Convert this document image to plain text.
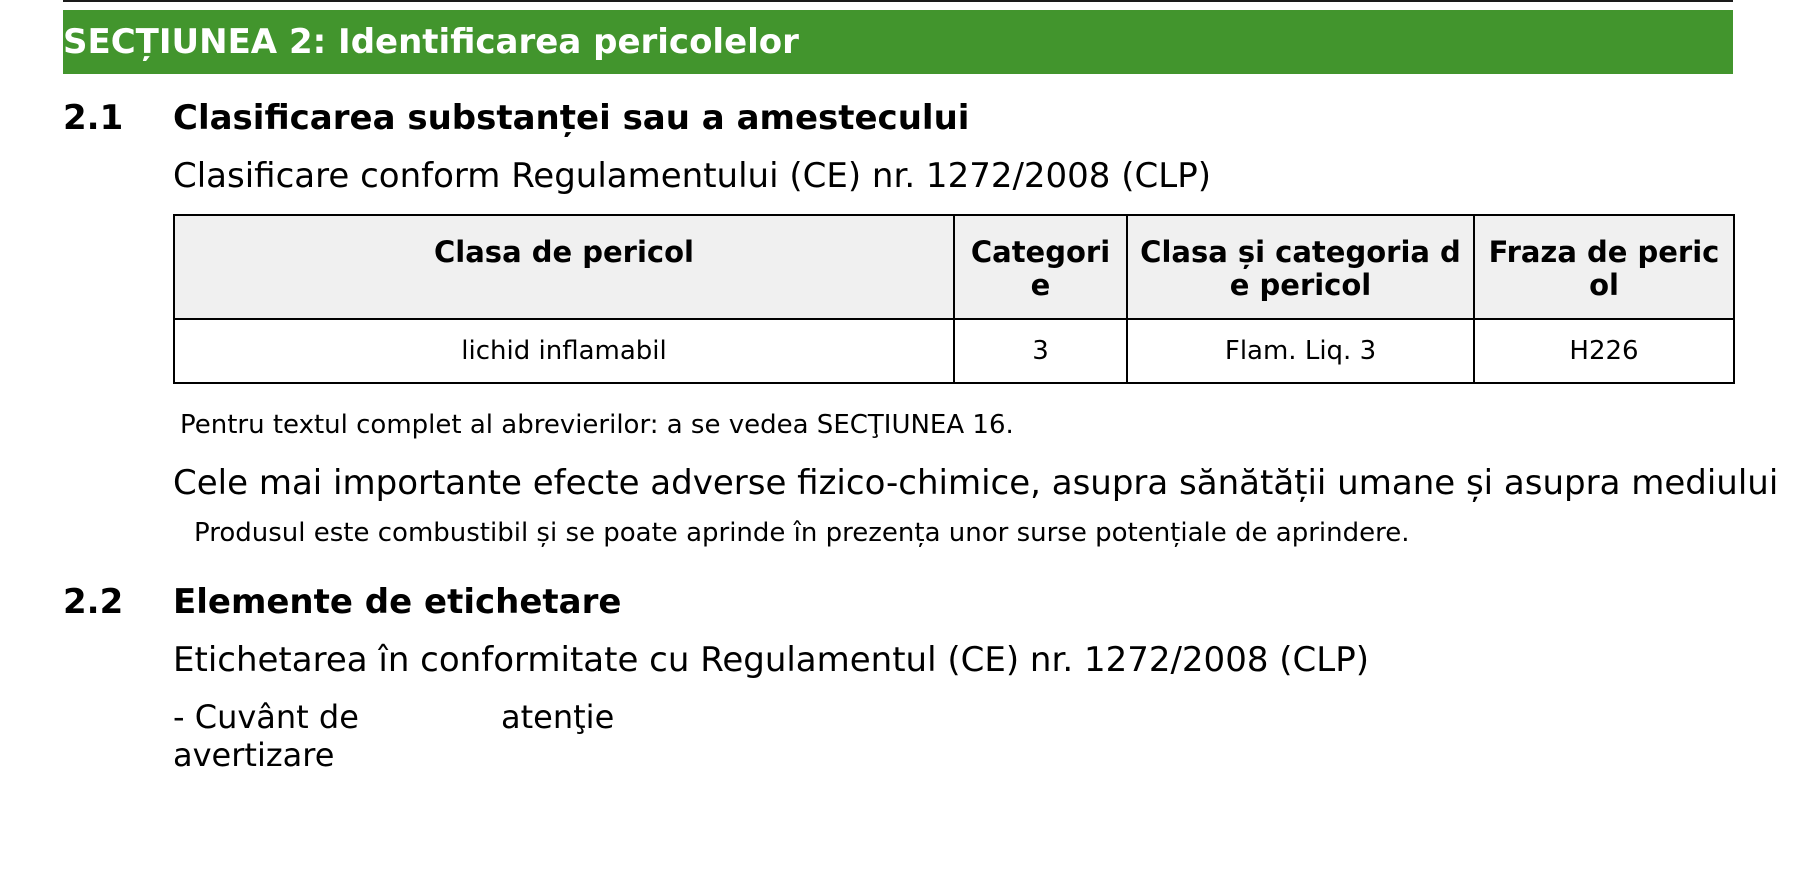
SECȚIUNEA 2: Identificarea pericolelor
2.1 Clasificarea substanței sau a amestecului
Clasificare conform Regulamentului (CE) nr. 1272/2008 (CLP)
Clasa de pericol	Categorie	Clasa și categoria de pericol	Fraza de pericol
lichid inflamabil	3	Flam. Liq. 3	H226
Pentru textul complet al abrevierilor: a se vedea SECŢIUNEA 16.
Cele mai importante efecte adverse fizico-chimice, asupra sănătății umane și asupra mediului
Produsul este combustibil și se poate aprinde în prezența unor surse potențiale de aprindere.
2.2 Elemente de etichetare
Etichetarea în conformitate cu Regulamentul (CE) nr. 1272/2008 (CLP)
- Cuvânt de avertizare
atenţie
